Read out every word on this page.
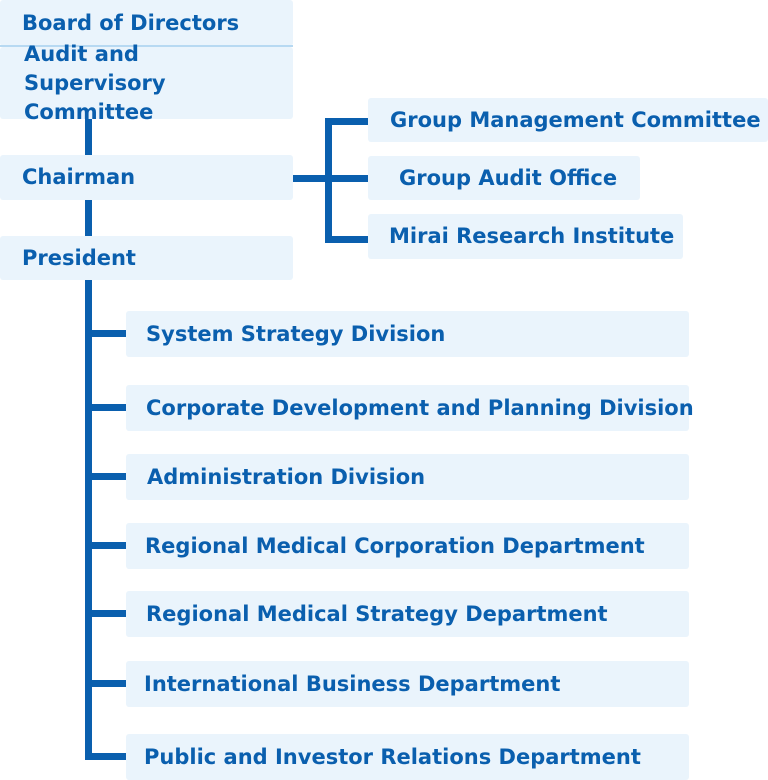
Board of Directors
Audit and Supervisory Committee
Chairman
President
Group Management Committee
Group Audit Office
Mirai Research Institute
System Strategy Division
Corporate Development and Planning Division
Administration Division
Regional Medical Corporation Department
Regional Medical Strategy Department
International Business Department
Public and Investor Relations Department
